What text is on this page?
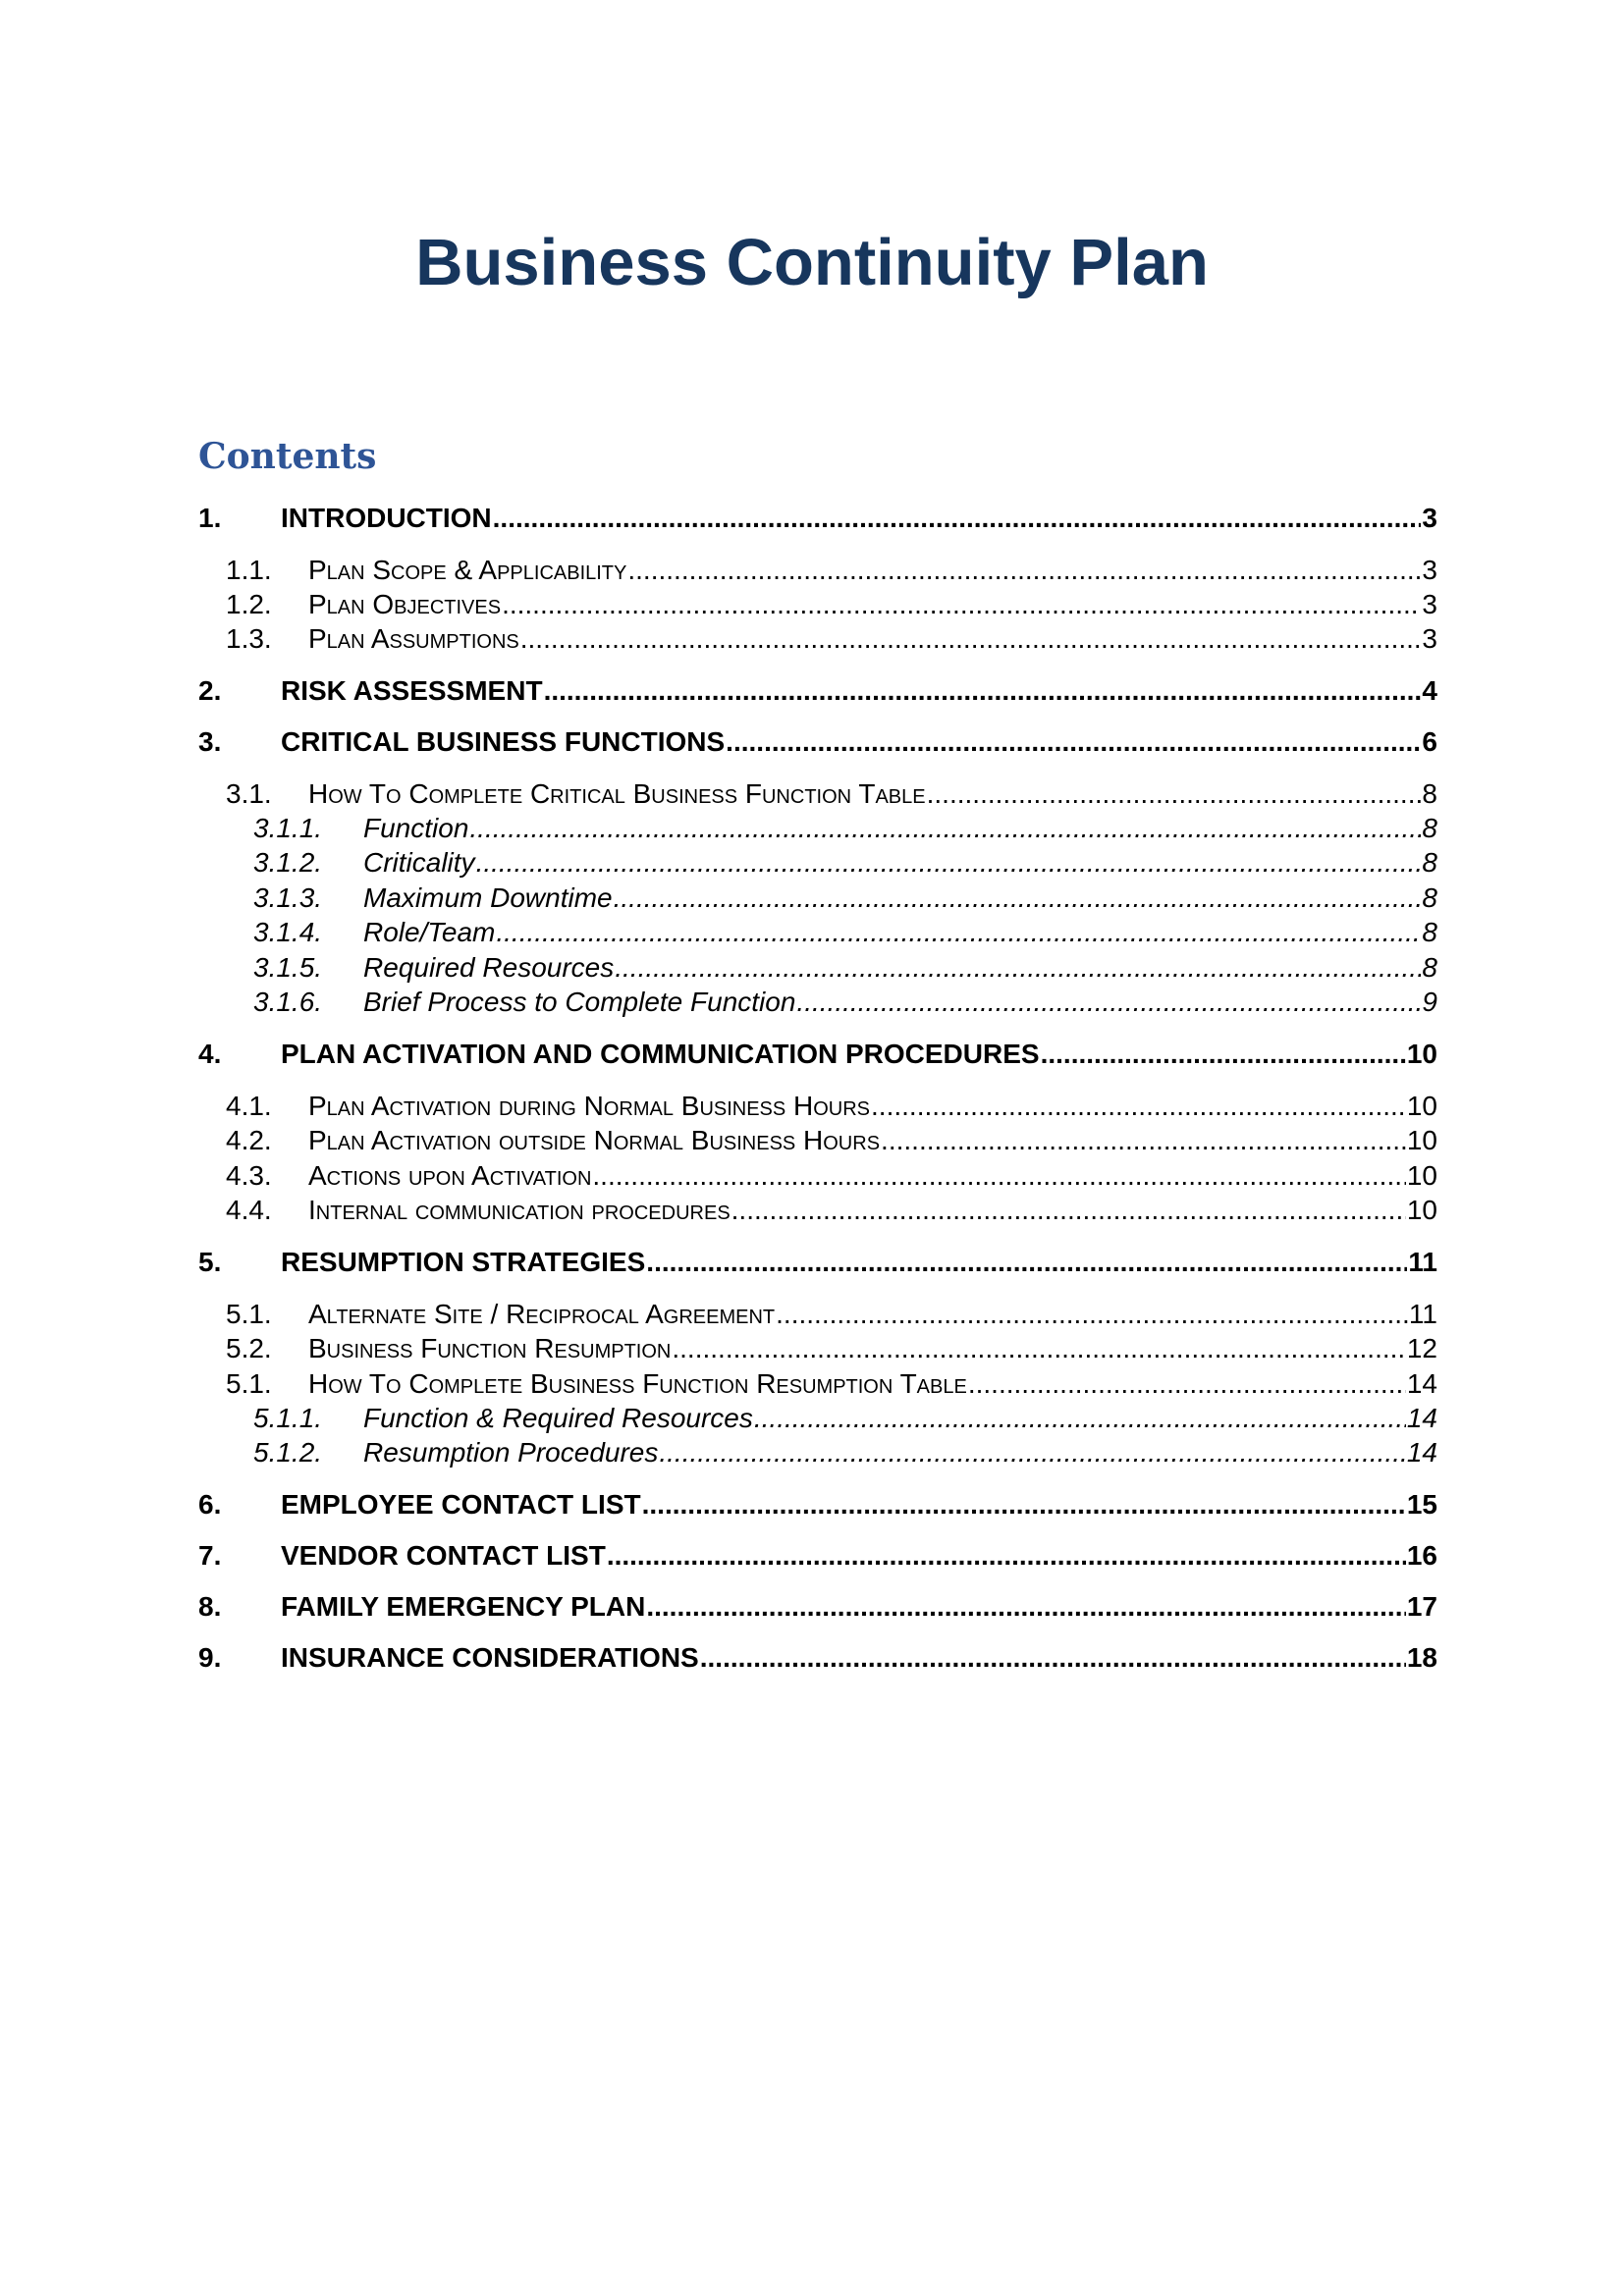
Business Continuity Plan
Contents
1.	INTRODUCTION .....	3
1.1.	Plan Scope & Applicability .....	3
1.2.	Plan Objectives .....	3
1.3.	Plan Assumptions .....	3
2.	RISK ASSESSMENT .....	4
3.	CRITICAL BUSINESS FUNCTIONS .....	6
3.1.	How To Complete Critical Business Function Table .....	8
3.1.1.	Function .....	8
3.1.2.	Criticality .....	8
3.1.3.	Maximum Downtime .....	8
3.1.4.	Role/Team .....	8
3.1.5.	Required Resources .....	8
3.1.6.	Brief Process to Complete Function .....	9
4.	PLAN ACTIVATION AND COMMUNICATION PROCEDURES .....	10
4.1.	Plan Activation during Normal Business Hours .....	10
4.2.	Plan Activation outside Normal Business Hours .....	10
4.3.	Actions upon Activation .....	10
4.4.	Internal communication procedures .....	10
5.	RESUMPTION STRATEGIES .....	11
5.1.	Alternate Site / Reciprocal Agreement .....	11
5.2.	Business Function Resumption .....	12
5.1.	How To Complete Business Function Resumption Table .....	14
5.1.1.	Function & Required Resources .....	14
5.1.2.	Resumption Procedures .....	14
6.	EMPLOYEE CONTACT LIST .....	15
7.	VENDOR CONTACT LIST .....	16
8.	FAMILY EMERGENCY PLAN .....	17
9.	INSURANCE CONSIDERATIONS .....	18
